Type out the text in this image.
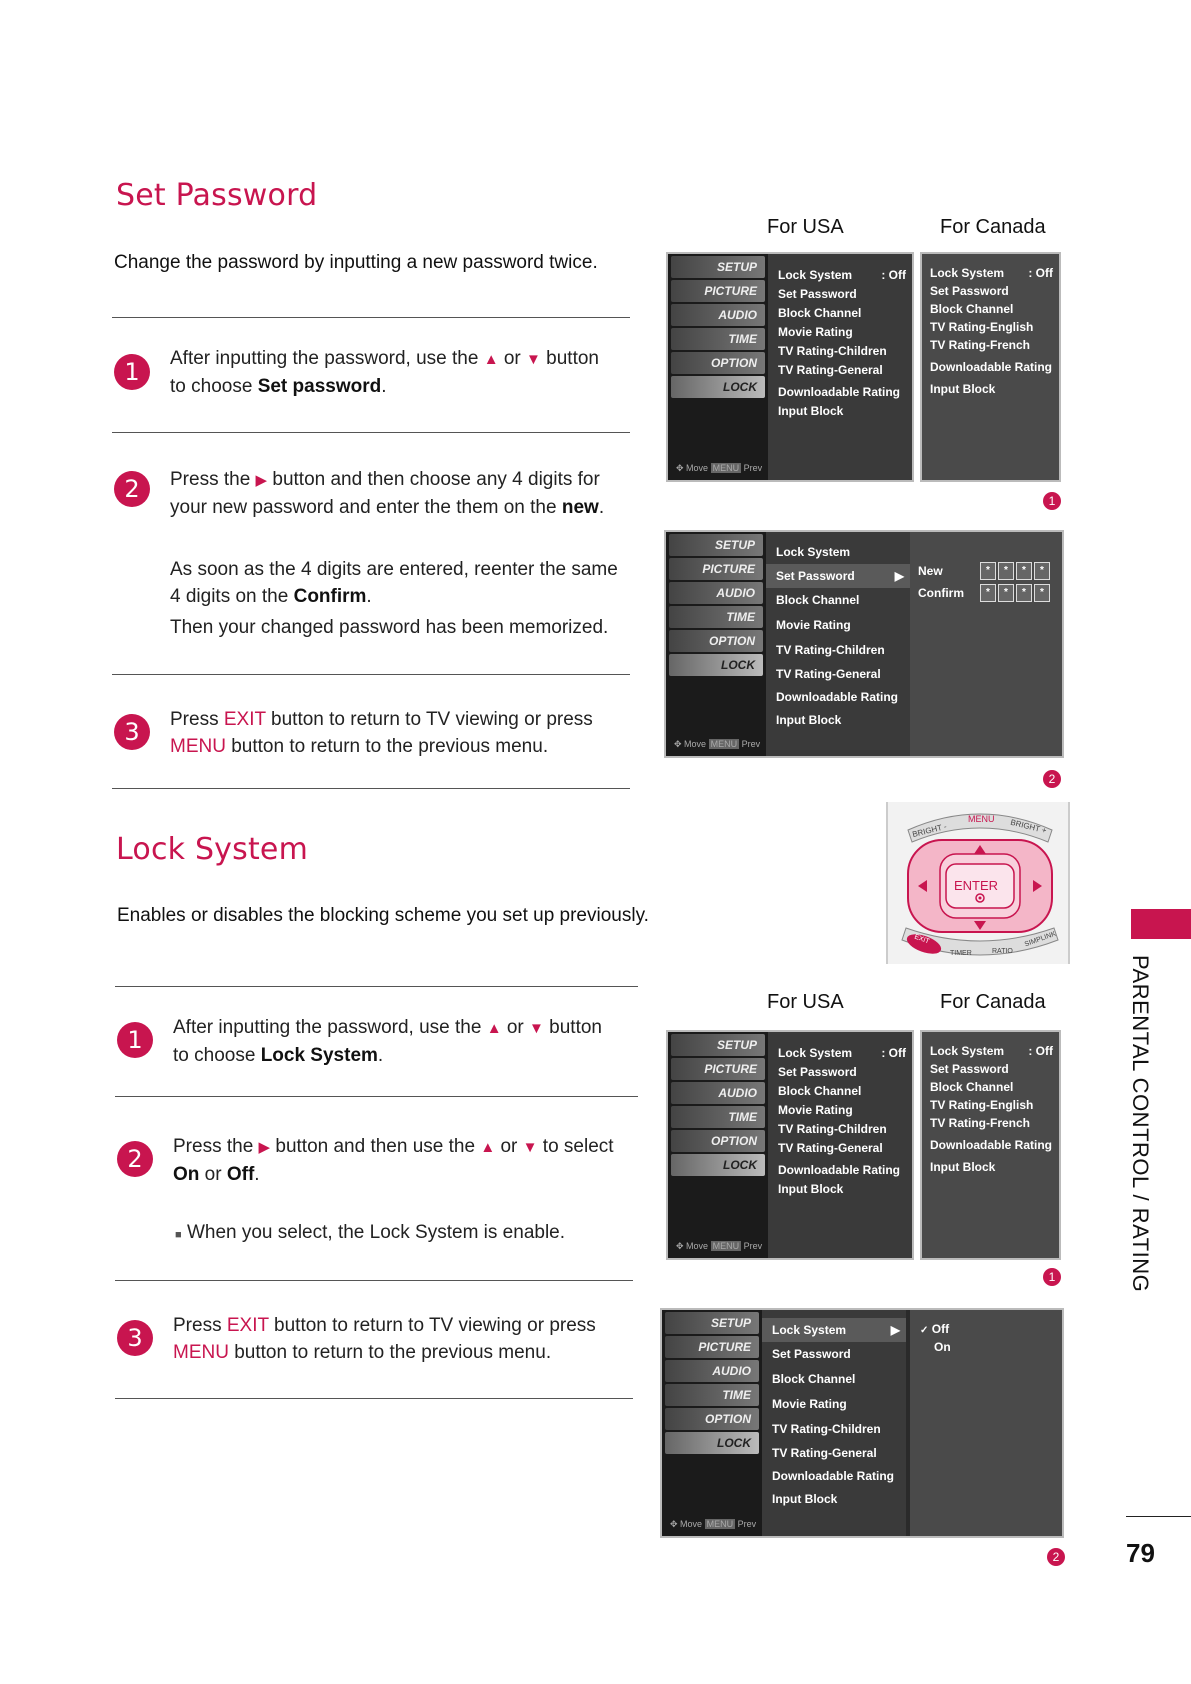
Set Password
Change the password by inputting a new password twice.
1	After inputting the password, use the ▲ or ▼ button
to choose Set password.
2	Press the ▶ button and then choose any 4 digits for
your new password and enter the them on the new.
As soon as the 4 digits are entered, reenter the same
4 digits on the Confirm.
Then your changed password has been memorized.
3	Press EXIT button to return to TV viewing or press
MENU button to return to the previous menu.
Lock System
Enables or disables the blocking scheme you set up previously.
1	After inputting the password, use the ▲ or ▼ button
to choose Lock System.
2	Press the ▶ button and then use the ▲ or ▼ to select
On or Off.
■ When you select, the Lock System is enable.
3	Press EXIT button to return to TV viewing or press
MENU button to return to the previous menu.
For USA	For Canada
For USA	For Canada
SETUP
PICTURE
AUDIO
TIME
OPTION
LOCK
✥ Move MENU Prev
Lock System : Off
Set Password
Block Channel
Movie Rating
TV Rating-Children
TV Rating-General
Downloadable Rating
Input Block
Lock System : Off
Set Password
Block Channel
TV Rating-English
TV Rating-French
Downloadable Rating
Input Block
1
SETUP
PICTURE
AUDIO
TIME
OPTION
LOCK
✥ Move MENU Prev
Lock System
Set Password	▶
Block Channel
Movie Rating
TV Rating-Children
TV Rating-General
Downloadable Rating
Input Block
New	* * * *
Confirm	* * * *
2
MENU
BRIGHT -	BRIGHT +
ENTER
EXIT
TIMER	RATIO
SIMPLINK
SETUP
PICTURE
AUDIO
TIME
OPTION
LOCK
✥ Move MENU Prev
Lock System : Off
Set Password
Block Channel
Movie Rating
TV Rating-Children
TV Rating-General
Downloadable Rating
Input Block
Lock System : Off
Set Password
Block Channel
TV Rating-English
TV Rating-French
Downloadable Rating
Input Block
1
SETUP
PICTURE
AUDIO
TIME
OPTION
LOCK
✥ Move MENU Prev
Lock System	▶
Set Password
Block Channel
Movie Rating
TV Rating-Children
TV Rating-General
Downloadable Rating
Input Block
✓ Off
On
2
PARENTAL CONTROL / RATING
79
